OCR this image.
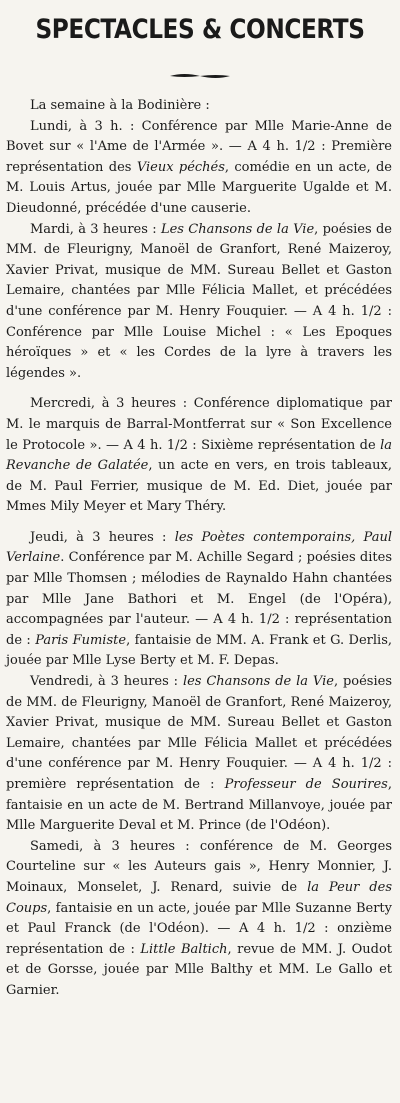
SPECTACLES & CONCERTS

La semaine à la Bodinière :

Lundi, à 3 h. : Conférence par Mlle Marie-Anne de Bovet sur « l'Ame de l'Armée ». — A 4 h. 1/2 : Première représentation des Vieux péchés, comédie en un acte, de M. Louis Artus, jouée par Mlle Marguerite Ugalde et M. Dieudonné, précédée d'une causerie.

Mardi, à 3 heures : Les Chansons de la Vie, poésies de MM. de Fleurigny, Manoël de Granfort, René Maizeroy, Xavier Privat, musique de MM. Sureau Bellet et Gaston Lemaire, chantées par Mlle Félicia Mallet, et précédées d'une conférence par M. Henry Fouquier. — A 4 h. 1/2 : Conférence par Mlle Louise Michel : « Les Epoques héroïques » et « les Cordes de la lyre à travers les légendes ».

Mercredi, à 3 heures : Conférence diplomatique par M. le marquis de Barral-Montferrat sur « Son Excellence le Protocole ». — A 4 h. 1/2 : Sixième représentation de la Revanche de Galatée, un acte en vers, en trois tableaux, de M. Paul Ferrier, musique de M. Ed. Diet, jouée par Mmes Mily Meyer et Mary Théry.

Jeudi, à 3 heures : les Poètes contemporains, Paul Verlaine. Conférence par M. Achille Segard ; poésies dites par Mlle Thomsen ; mélodies de Raynaldo Hahn chantées par Mlle Jane Bathori et M. Engel (de l'Opéra), accompagnées par l'auteur. — A 4 h. 1/2 : représentation de : Paris Fumiste, fantaisie de MM. A. Frank et G. Derlis, jouée par Mlle Lyse Berty et M. F. Depas.

Vendredi, à 3 heures : les Chansons de la Vie, poésies de MM. de Fleurigny, Manoël de Granfort, René Maizeroy, Xavier Privat, musique de MM. Sureau Bellet et Gaston Lemaire, chantées par Mlle Félicia Mallet et précédées d'une conférence par M. Henry Fouquier. — A 4 h. 1/2 : première représentation de : Professeur de Sourires, fantaisie en un acte de M. Bertrand Millanvoye, jouée par Mlle Marguerite Deval et M. Prince (de l'Odéon).

Samedi, à 3 heures : conférence de M. Georges Courteline sur « les Auteurs gais », Henry Monnier, J. Moinaux, Monselet, J. Renard, suivie de la Peur des Coups, fantaisie en un acte, jouée par Mlle Suzanne Berty et Paul Franck (de l'Odéon). — A 4 h. 1/2 : onzième représentation de : Little Baltich, revue de MM. J. Oudot et de Gorsse, jouée par Mlle Balthy et MM. Le Gallo et Garnier.
